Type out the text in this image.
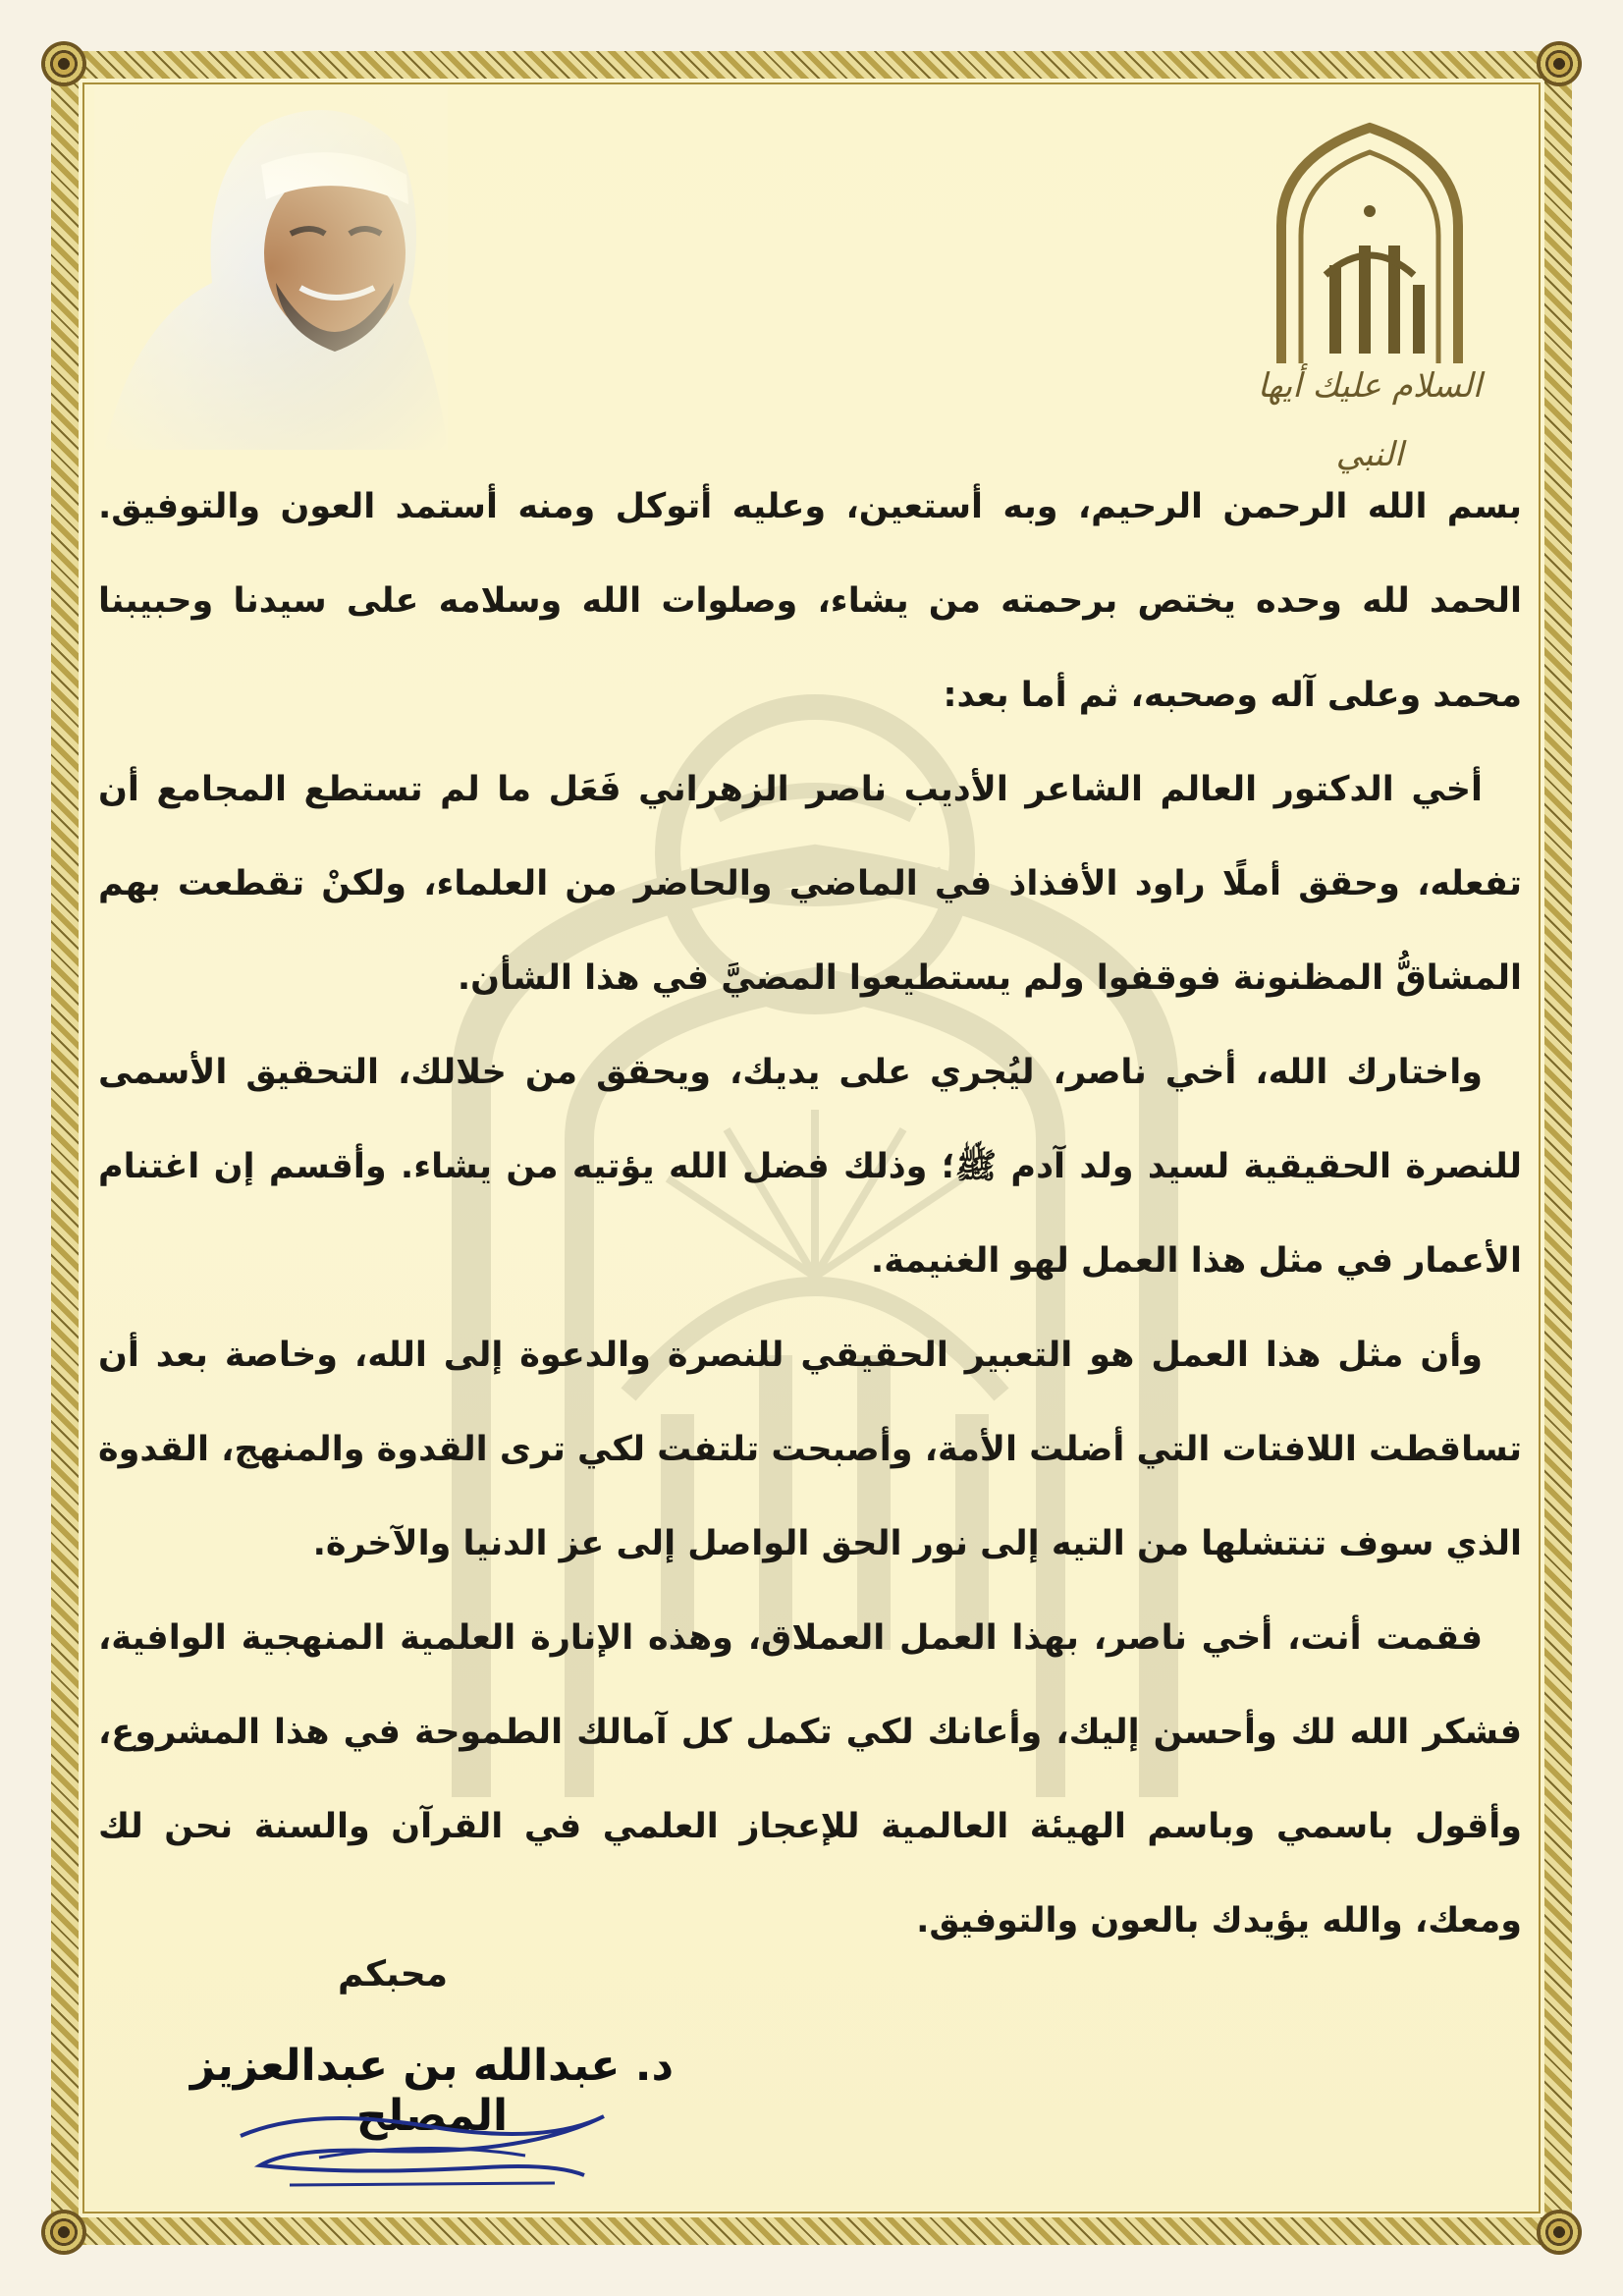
السلام عليك أيها النبي

بسم الله الرحمن الرحيم، وبه أستعين، وعليه أتوكل ومنه أستمد العون والتوفيق. الحمد لله وحده يختص برحمته من يشاء، وصلوات الله وسلامه على سيدنا وحبيبنا محمد وعلى آله وصحبه، ثم أما بعد:

أخي الدكتور العالم الشاعر الأديب ناصر الزهراني فَعَل ما لم تستطع المجامع أن تفعله، وحقق أملًا راود الأفذاذ في الماضي والحاضر من العلماء، ولكنْ تقطعت بهم المشاقُّ المظنونة فوقفوا ولم يستطيعوا المضيَّ في هذا الشأن.

واختارك الله، أخي ناصر، ليُجري على يديك، ويحقق من خلالك، التحقيق الأسمى للنصرة الحقيقية لسيد ولد آدم ﷺ؛ وذلك فضل الله يؤتيه من يشاء. وأقسم إن اغتنام الأعمار في مثل هذا العمل لهو الغنيمة.

وأن مثل هذا العمل هو التعبير الحقيقي للنصرة والدعوة إلى الله، وخاصة بعد أن تساقطت اللافتات التي أضلت الأمة، وأصبحت تلتفت لكي ترى القدوة والمنهج، القدوة الذي سوف تنتشلها من التيه إلى نور الحق الواصل إلى عز الدنيا والآخرة.

فقمت أنت، أخي ناصر، بهذا العمل العملاق، وهذه الإنارة العلمية المنهجية الوافية، فشكر الله لك وأحسن إليك، وأعانك لكي تكمل كل آمالك الطموحة في هذا المشروع، وأقول باسمي وباسم الهيئة العالمية للإعجاز العلمي في القرآن والسنة نحن لك ومعك، والله يؤيدك بالعون والتوفيق.

محبكم
د. عبدالله بن عبدالعزيز المصلح
